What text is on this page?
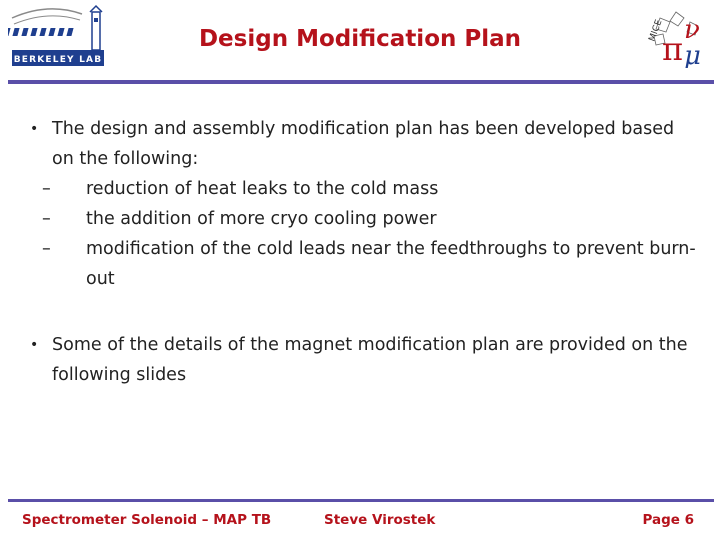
BERKELEY LAB
Design Modification Plan	MICE
π ν
μ
• The design and assembly modification plan has been developed based on the following:
– reduction of heat leaks to the cold mass
– the addition of more cryo cooling power
– modification of the cold leads near the feedthroughs to prevent burn-out
• Some of the details of the magnet modification plan are provided on the following slides
Spectrometer Solenoid – MAP TB	Steve Virostek	Page 6
